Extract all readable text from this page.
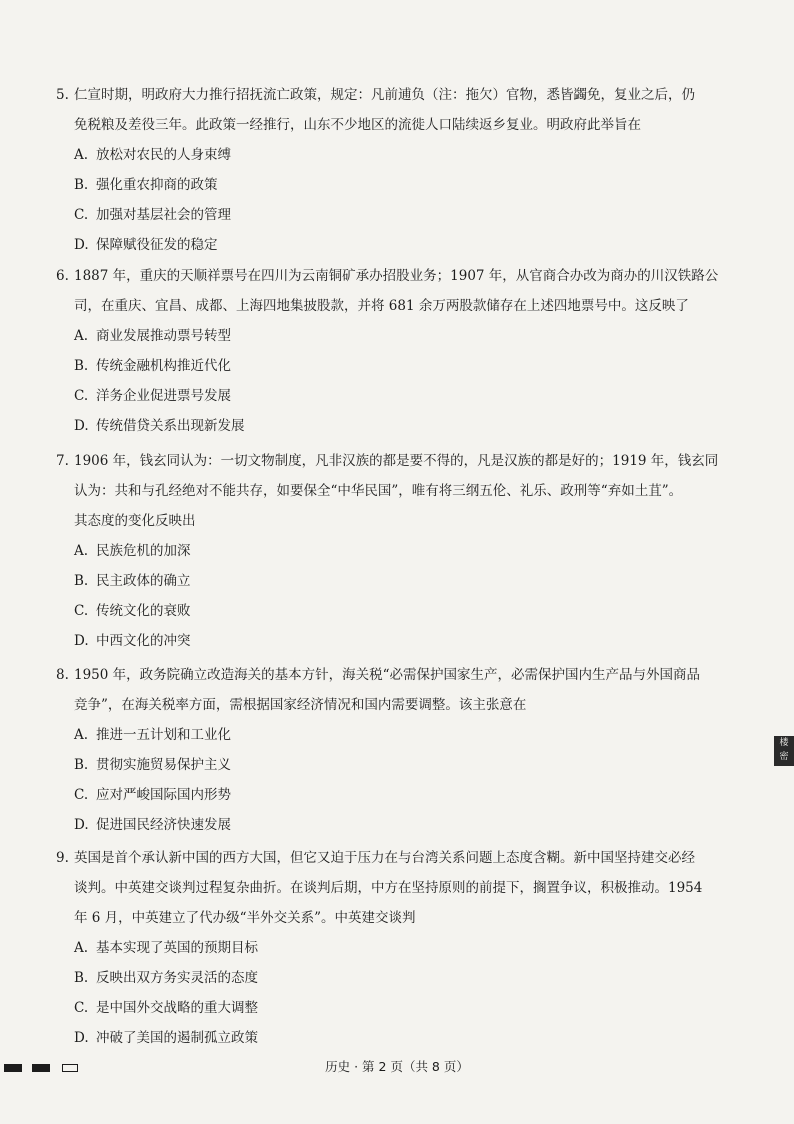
5. 仁宣时期，明政府大力推行招抚流亡政策，规定：凡前逋负（注：拖欠）官物，悉皆蠲免，复业之后，仍
免税粮及差役三年。此政策一经推行，山东不少地区的流徙人口陆续返乡复业。明政府此举旨在

A. 放松对农民的人身束缚
B. 强化重农抑商的政策
C. 加强对基层社会的管理
D. 保障赋役征发的稳定

6. 1887 年，重庆的天顺祥票号在四川为云南铜矿承办招股业务；1907 年，从官商合办改为商办的川汉铁路公
司，在重庆、宜昌、成都、上海四地集披股款，并将 681 余万两股款储存在上述四地票号中。这反映了

A. 商业发展推动票号转型
B. 传统金融机构推近代化
C. 洋务企业促进票号发展
D. 传统借贷关系出现新发展

7. 1906 年，钱玄同认为：一切文物制度，凡非汉族的都是要不得的，凡是汉族的都是好的；1919 年，钱玄同
认为：共和与孔经绝对不能共存，如要保全“中华民国”，唯有将三纲五伦、礼乐、政刑等“弃如土苴”。
其态度的变化反映出

A. 民族危机的加深
B. 民主政体的确立
C. 传统文化的衰败
D. 中西文化的冲突

8. 1950 年，政务院确立改造海关的基本方针，海关税“必需保护国家生产，必需保护国内生产品与外国商品
竞争”，在海关税率方面，需根据国家经济情况和国内需要调整。该主张意在

A. 推进一五计划和工业化
B. 贯彻实施贸易保护主义
C. 应对严峻国际国内形势
D. 促进国民经济快速发展

9. 英国是首个承认新中国的西方大国，但它又迫于压力在与台湾关系问题上态度含糊。新中国坚持建交必经
谈判。中英建交谈判过程复杂曲折。在谈判后期，中方在坚持原则的前提下，搁置争议，积极推动。1954
年 6 月，中英建立了代办级“半外交关系”。中英建交谈判

A. 基本实现了英国的预期目标
B. 反映出双方务实灵活的态度
C. 是中国外交战略的重大调整
D. 冲破了美国的遏制孤立政策
楼 密
历史 · 第 2 页（共 8 页）
